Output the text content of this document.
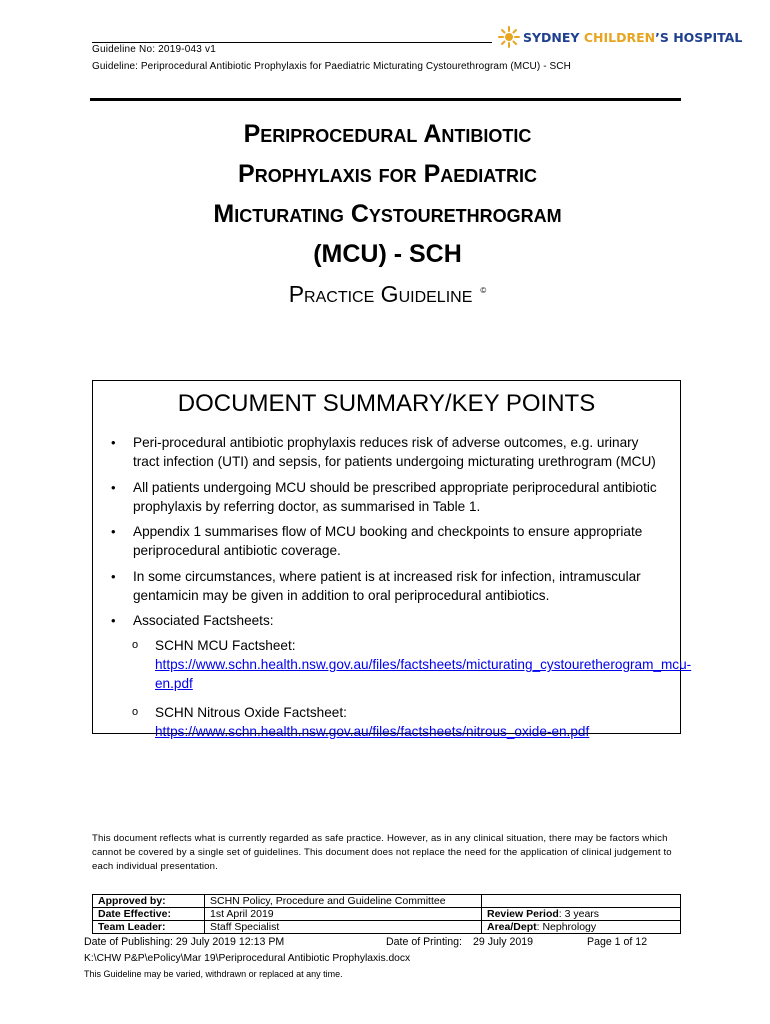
SYDNEY CHILDREN’S HOSPITAL
Guideline No: 2019-043 v1
Guideline: Periprocedural Antibiotic Prophylaxis for Paediatric Micturating Cystourethrogram (MCU) - SCH
Periprocedural Antibiotic
Prophylaxis for Paediatric
Micturating Cystourethrogram
(MCU) - SCH
Practice Guideline ©
DOCUMENT SUMMARY/KEY POINTS
• Peri-procedural antibiotic prophylaxis reduces risk of adverse outcomes, e.g. urinary tract infection (UTI) and sepsis, for patients undergoing micturating urethrogram (MCU)
• All patients undergoing MCU should be prescribed appropriate periprocedural antibiotic prophylaxis by referring doctor, as summarised in Table 1.
• Appendix 1 summarises flow of MCU booking and checkpoints to ensure appropriate periprocedural antibiotic coverage.
• In some circumstances, where patient is at increased risk for infection, intramuscular gentamicin may be given in addition to oral periprocedural antibiotics.
• Associated Factsheets:
o SCHN MCU Factsheet:
https://www.schn.health.nsw.gov.au/files/factsheets/micturating_cystouretherogram_mcu-en.pdf
o SCHN Nitrous Oxide Factsheet:
https://www.schn.health.nsw.gov.au/files/factsheets/nitrous_oxide-en.pdf
This document reflects what is currently regarded as safe practice. However, as in any clinical situation, there may be factors which cannot be covered by a single set of guidelines. This document does not replace the need for the application of clinical judgement to each individual presentation.
Approved by:	SCHN Policy, Procedure and Guideline Committee	
Date Effective:	1st April 2019	Review Period: 3 years
Team Leader:	Staff Specialist	Area/Dept: Nephrology
Date of Publishing: 29 July 2019 12:13 PM	Date of Printing: 29 July 2019	Page 1 of 12
K:\CHW P&P\ePolicy\Mar 19\Periprocedural Antibiotic Prophylaxis.docx
This Guideline may be varied, withdrawn or replaced at any time.
